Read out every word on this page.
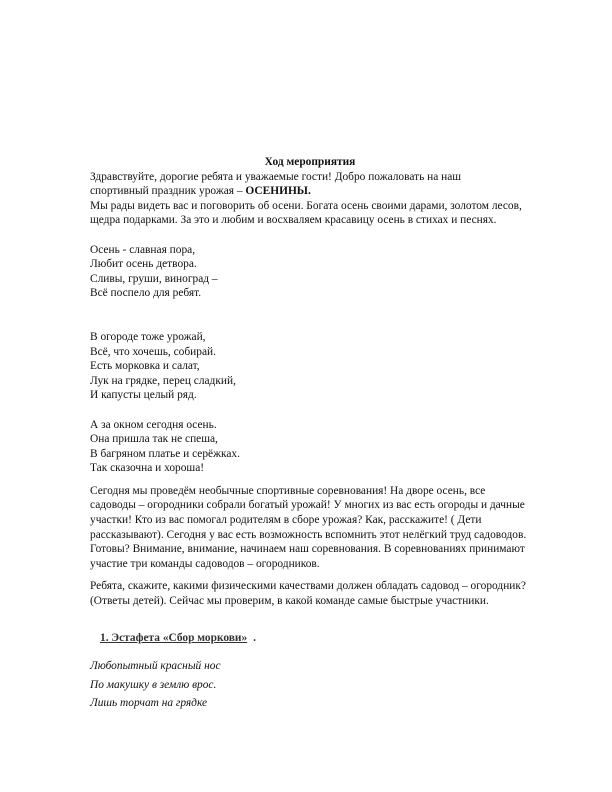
Ход мероприятия

Здравствуйте, дорогие ребята и уважаемые гости! Добро пожаловать на наш

спортивный праздник урожая – ОСЕНИНЫ.

Мы рады видеть вас и поговорить об осени. Богата осень своими дарами, золотом лесов, щедра подарками. За это и любим и восхваляем красавицу осень в стихах и песнях.

Осень - славная пора,

Любит осень детвора.

Сливы, груши, виноград –

Всё поспело для ребят.

В огороде тоже урожай,

Всё, что хочешь, собирай.

Есть морковка и салат,

Лук на грядке, перец сладкий,

И капусты целый ряд.

А за окном сегодня осень.

Она пришла так не спеша,

В багряном платье и серёжках.

Так сказочна и хороша!

Сегодня мы проведём необычные спортивные соревнования! На дворе осень, все садоводы – огородники собрали богатый урожай! У многих из вас есть огороды и дачные участки! Кто из вас помогал родителям в сборе урожая? Как, расскажите! ( Дети рассказывают). Сегодня у вас есть возможность вспомнить этот нелёгкий труд садоводов. Готовы? Внимание, внимание, начинаем наш соревнования. В соревнованиях принимают участие три команды садоводов – огородников.

Ребята, скажите, какими физическими качествами должен обладать садовод – огородник? (Ответы детей). Сейчас мы проверим, в какой команде самые быстрые участники.

1. Эстафета «Сбор моркови» .

Любопытный красный нос

По макушку в землю врос.

Лишь торчат на грядке
